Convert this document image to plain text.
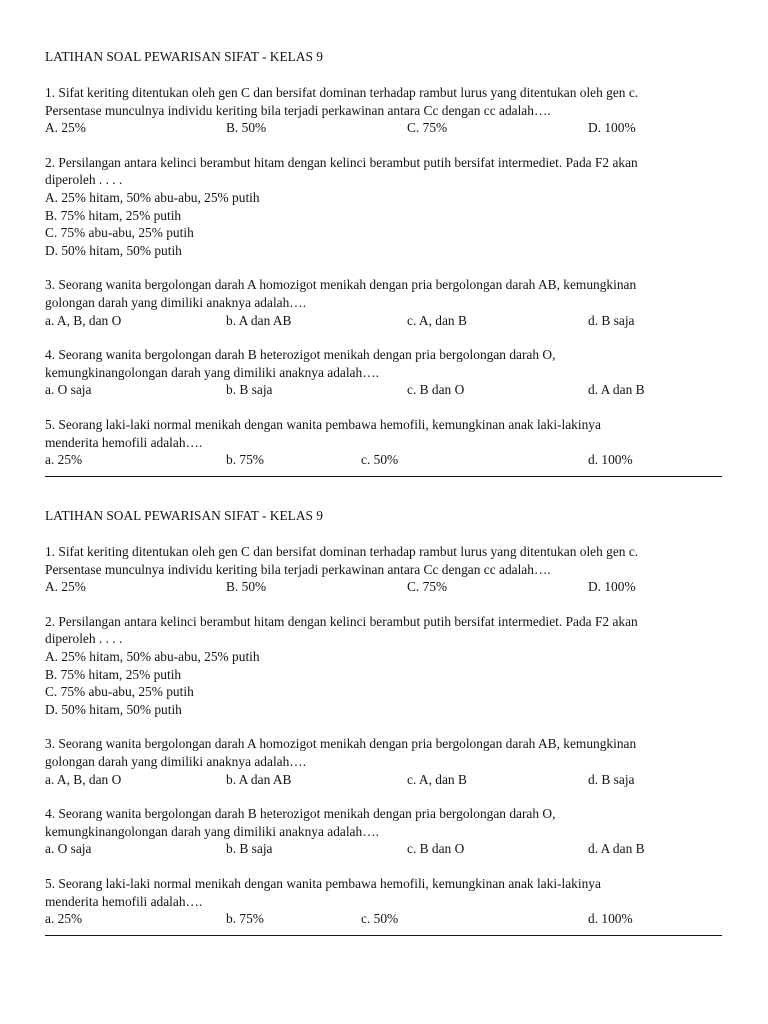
LATIHAN SOAL PEWARISAN SIFAT - KELAS 9

1. Sifat keriting ditentukan oleh gen C dan bersifat dominan terhadap rambut lurus yang ditentukan oleh gen c.

Persentase munculnya individu keriting bila terjadi perkawinan antara Cc dengan cc adalah….

A. 25%	B. 50%	C. 75%	D. 100%

2. Persilangan antara kelinci berambut hitam dengan kelinci berambut putih bersifat intermediet. Pada F2 akan

diperoleh . . . .

A. 25% hitam, 50% abu-abu, 25% putih
B. 75% hitam, 25% putih
C. 75% abu-abu, 25% putih
D. 50% hitam, 50% putih

3. Seorang wanita bergolongan darah A homozigot menikah dengan pria bergolongan darah AB, kemungkinan

golongan darah yang dimiliki anaknya adalah….

a. A, B, dan O	b. A dan AB	c. A, dan B	d. B saja

4. Seorang wanita bergolongan darah B heterozigot menikah dengan pria bergolongan darah O,

kemungkinangolongan darah yang dimiliki anaknya adalah….

a. O saja	b. B saja	c. B dan O	d. A dan B

5. Seorang laki-laki normal menikah dengan wanita pembawa hemofili, kemungkinan anak laki-lakinya

menderita hemofili adalah….

a. 25%	b. 75%	c. 50%	d. 100%
LATIHAN SOAL PEWARISAN SIFAT - KELAS 9

1. Sifat keriting ditentukan oleh gen C dan bersifat dominan terhadap rambut lurus yang ditentukan oleh gen c.

Persentase munculnya individu keriting bila terjadi perkawinan antara Cc dengan cc adalah….

A. 25%	B. 50%	C. 75%	D. 100%

2. Persilangan antara kelinci berambut hitam dengan kelinci berambut putih bersifat intermediet. Pada F2 akan

diperoleh . . . .

A. 25% hitam, 50% abu-abu, 25% putih
B. 75% hitam, 25% putih
C. 75% abu-abu, 25% putih
D. 50% hitam, 50% putih

3. Seorang wanita bergolongan darah A homozigot menikah dengan pria bergolongan darah AB, kemungkinan

golongan darah yang dimiliki anaknya adalah….

a. A, B, dan O	b. A dan AB	c. A, dan B	d. B saja

4. Seorang wanita bergolongan darah B heterozigot menikah dengan pria bergolongan darah O,

kemungkinangolongan darah yang dimiliki anaknya adalah….

a. O saja	b. B saja	c. B dan O	d. A dan B

5. Seorang laki-laki normal menikah dengan wanita pembawa hemofili, kemungkinan anak laki-lakinya

menderita hemofili adalah….

a. 25%	b. 75%	c. 50%	d. 100%
